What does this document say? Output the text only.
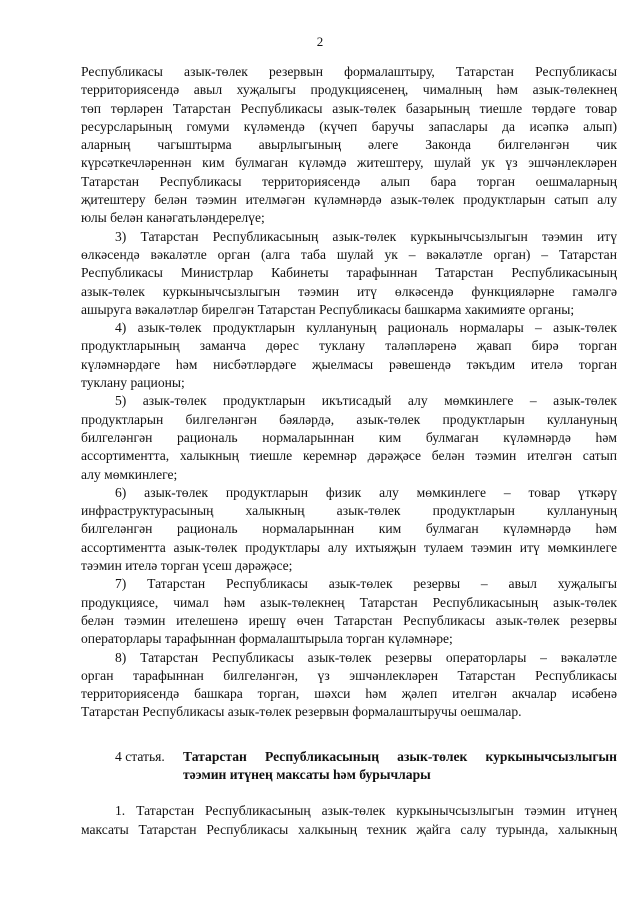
2

Республикасы азык-төлек резервын формалаштыру, Татарстан Республикасы

территориясендә авыл хуҗалыгы продукциясенең, чималның һәм азык-төлекнең

төп төрләрен Татарстан Республикасы азык-төлек базарының тиешле төрдәге товар

ресурсларының гомуми күләмендә (күчеп баручы запаслары да исәпкә алып)

аларның чагыштырма авырлыгының әлеге Законда билгеләнгән чик

күрсәткечләреннән ким булмаган күләмдә житештеру, шулай ук үз эшчәнлекләрен

Татарстан Республикасы территориясендә алып бара торган оешмаларның

җитештеру белән тәэмин ителмәгән күләмнәрдә азык-төлек продуктларын сатып алу

юлы белән канәгатьләндерелүе;

3) Татарстан Республикасының азык-төлек куркынычсызлыгын тәэмин итү

өлкәсендә вәкаләтле орган (алга таба шулай ук – вәкаләтле орган) – Татарстан

Республикасы Министрлар Кабинеты тарафыннан Татарстан Республикасының

азык-төлек куркынычсызлыгын тәэмин итү өлкәсендә функцияләрне гамәлгә

ашыруга вәкаләтләр бирелгән Татарстан Республикасы башкарма хакимияте органы;

4) азык-төлек продуктларын куллануның рациональ нормалары – азык-төлек

продуктларының заманча дөрес туклану таләпләренә җавап бирә торган

күләмнәрдәге һәм нисбәтләрдәге җыелмасы рәвешендә тәкъдим ителә торган

туклану рационы;

5) азык-төлек продуктларын икътисадый алу мөмкинлеге – азык-төлек

продуктларын билгеләнгән бәяләрдә, азык-төлек продуктларын куллануның

билгеләнгән рациональ нормаларыннан ким булмаган күләмнәрдә һәм

ассортиментта, халыкның тиешле керемнәр дәрәҗәсе белән тәэмин ителгән сатып

алу мөмкинлеге;

6) азык-төлек продуктларын физик алу мөмкинлеге – товар үткәрү

инфраструктурасының халыкның азык-төлек продуктларын куллануның

билгеләнгән рациональ нормаларыннан ким булмаган күләмнәрдә һәм

ассортиментта азык-төлек продуктлары алу ихтыяҗын тулаем тәэмин итү мөмкинлеге

тәэмин ителә торган үсеш дәрәҗәсе;

7) Татарстан Республикасы азык-төлек резервы – авыл хуҗалыгы

продукциясе, чимал һәм азык-төлекнең Татарстан Республикасының азык-төлек

белән тәэмин ителешенә ирешү өчен Татарстан Республикасы азык-төлек резервы

операторлары тарафыннан формалаштырыла торган күләмнәре;

8) Татарстан Республикасы азык-төлек резервы операторлары – вәкаләтле

орган тарафыннан билгеләнгән, үз эшчәнлекләрен Татарстан Республикасы

территориясендә башкара торган, шәхси һәм җәлеп ителгән акчалар исәбенә

Татарстан Республикасы азык-төлек резервын формалаштыручы оешмалар.

4 статья. Татарстан Республикасының азык-төлек куркынычсызлыгын
тәэмин итүнең максаты һәм бурычлары

1. Татарстан Республикасының азык-төлек куркынычсызлыгын тәэмин итүнең

максаты Татарстан Республикасы халкының техник җайга салу турында, халыкның
